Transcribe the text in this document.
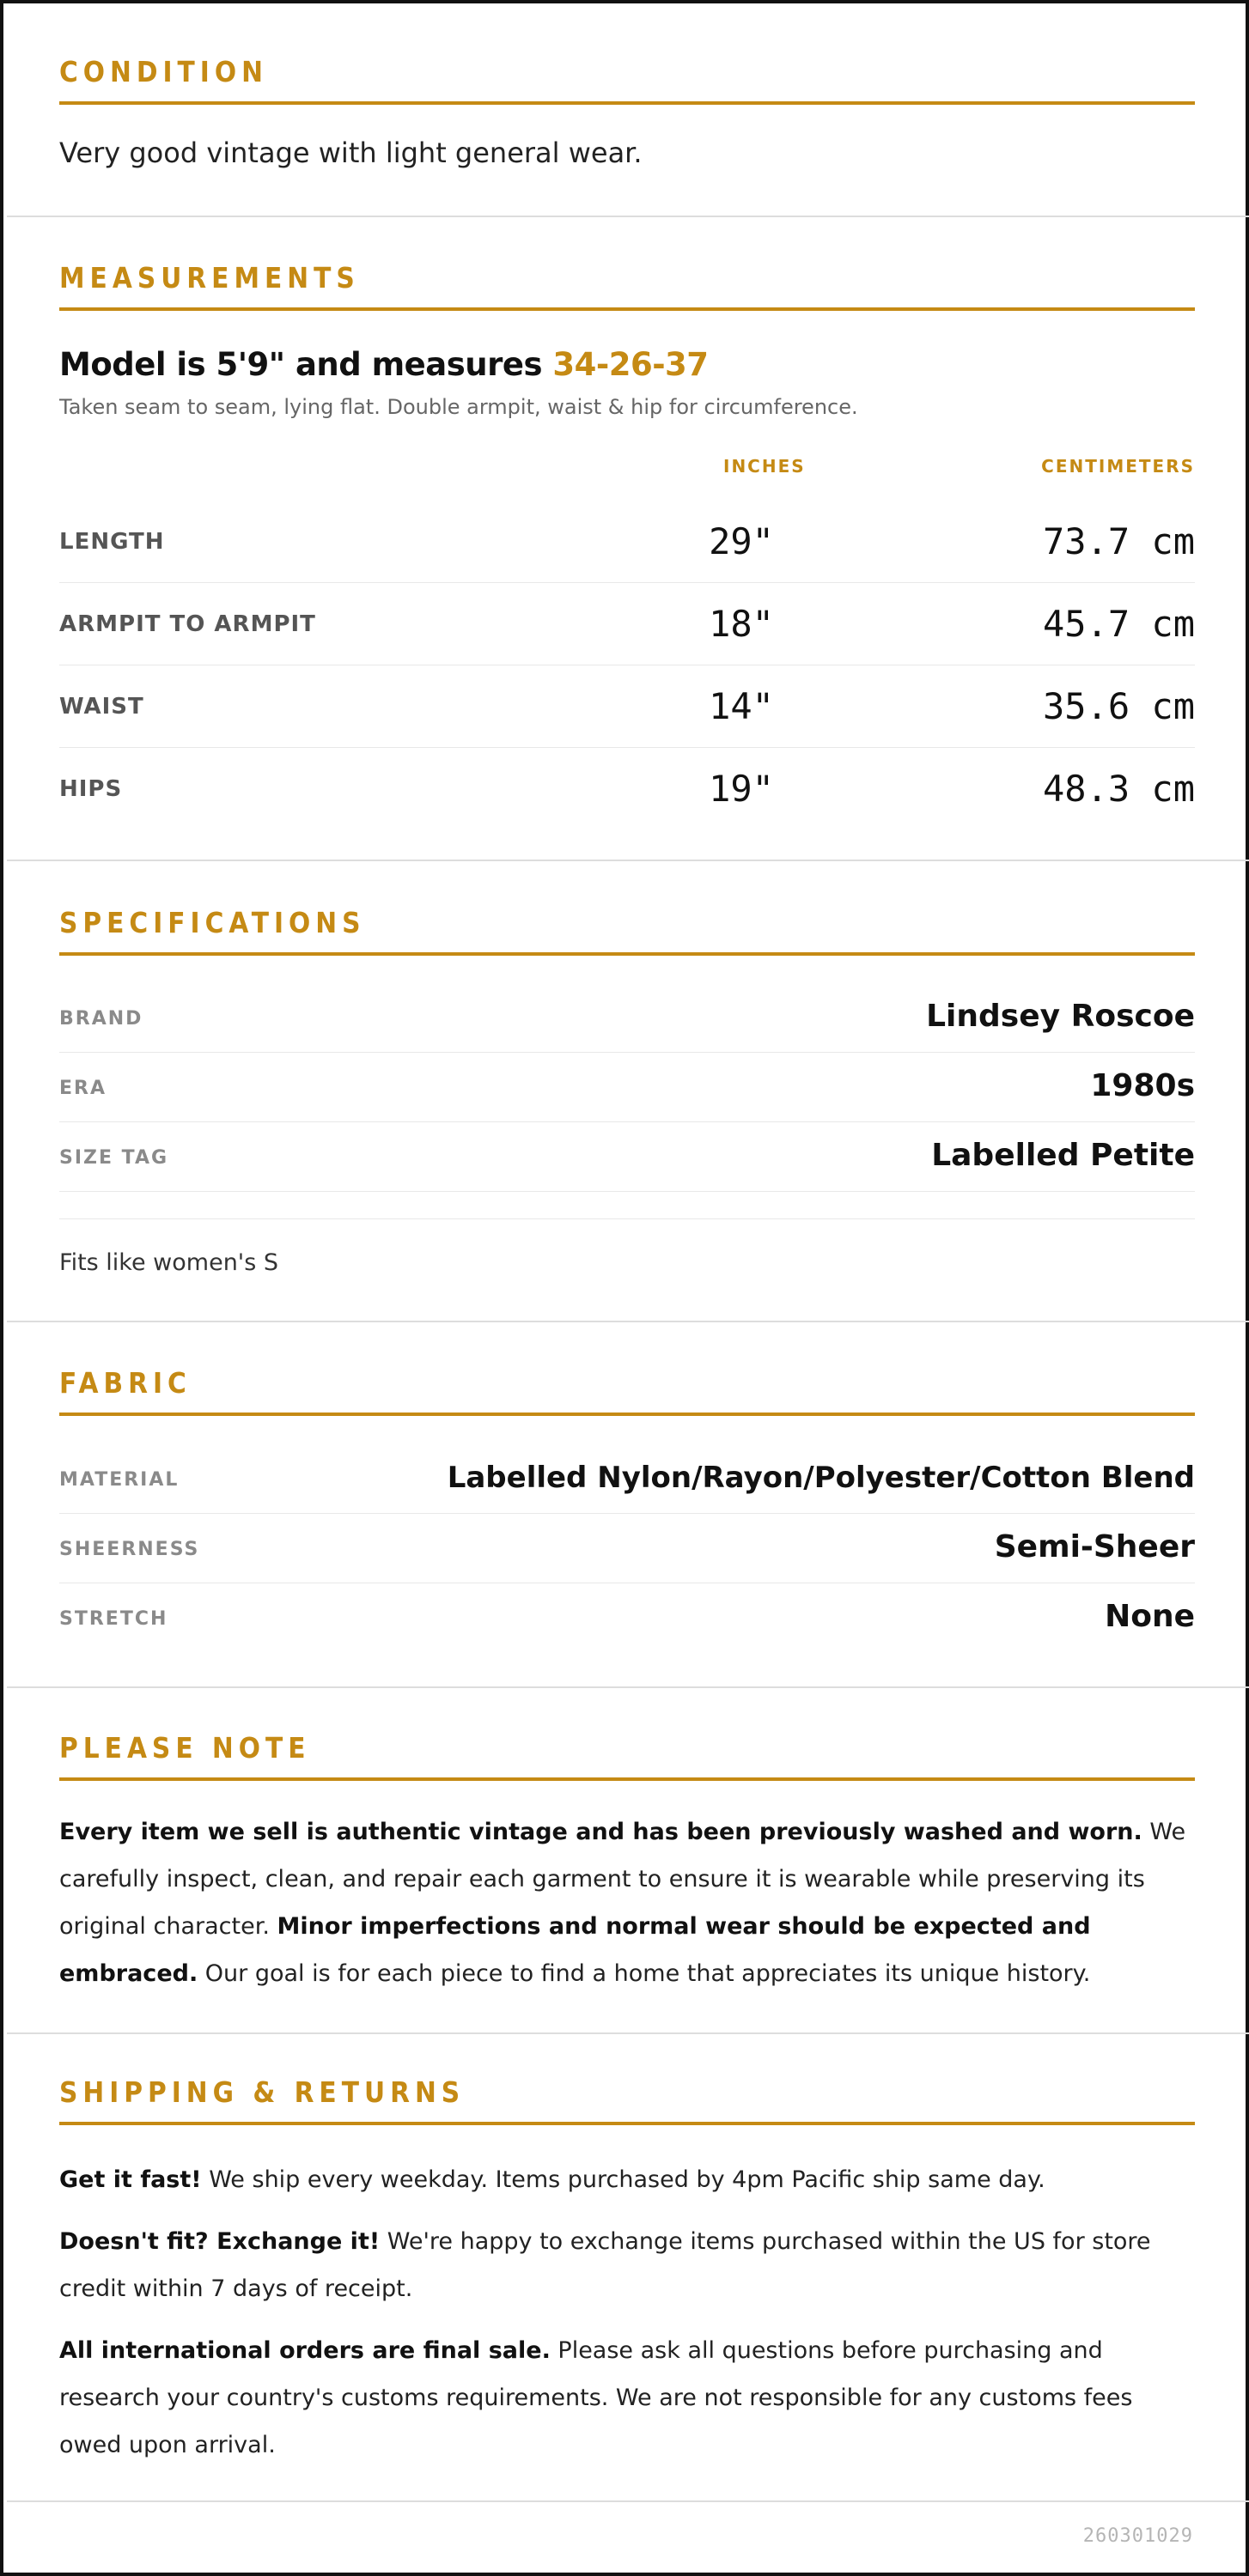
CONDITION
Very good vintage with light general wear.
MEASUREMENTS
Model is 5'9" and measures 34-26-37
Taken seam to seam, lying flat. Double armpit, waist & hip for circumference.
INCHES	CENTIMETERS
LENGTH	29"	73.7 cm
ARMPIT TO ARMPIT	18"	45.7 cm
WAIST	14"	35.6 cm
HIPS	19"	48.3 cm
SPECIFICATIONS
BRAND	Lindsey Roscoe
ERA	1980s
SIZE TAG	Labelled Petite
Fits like women's S
FABRIC
MATERIAL	Labelled Nylon/Rayon/Polyester/Cotton Blend
SHEERNESS	Semi-Sheer
STRETCH	None
PLEASE NOTE
Every item we sell is authentic vintage and has been previously washed and worn. We carefully inspect, clean, and repair each garment to ensure it is wearable while preserving its original character. Minor imperfections and normal wear should be expected and embraced. Our goal is for each piece to find a home that appreciates its unique history.
SHIPPING & RETURNS
Get it fast! We ship every weekday. Items purchased by 4pm Pacific ship same day.
Doesn't fit? Exchange it! We're happy to exchange items purchased within the US for store credit within 7 days of receipt.
All international orders are final sale. Please ask all questions before purchasing and research your country's customs requirements. We are not responsible for any customs fees owed upon arrival.
260301029
